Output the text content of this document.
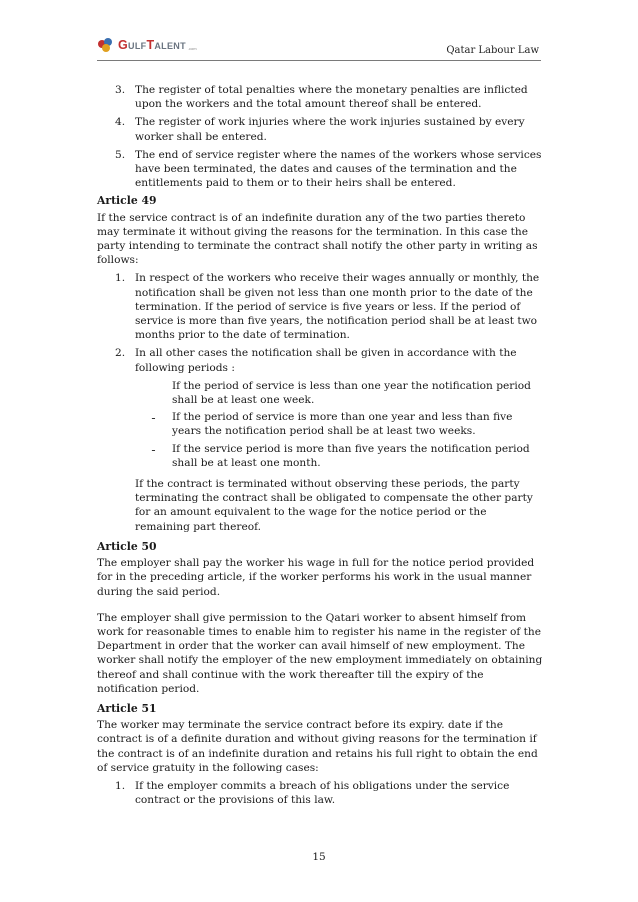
GULFTALENT .com	Qatar Labour Law
3. The register of total penalties where the monetary penalties are inflicted upon the workers and the total amount thereof shall be entered.
4. The register of work injuries where the work injuries sustained by every worker shall be entered.
5. The end of service register where the names of the workers whose services have been terminated, the dates and causes of the termination and the entitlements paid to them or to their heirs shall be entered.
Article 49

If the service contract is of an indefinite duration any of the two parties thereto may terminate it without giving the reasons for the termination. In this case the party intending to terminate the contract shall notify the other party in writing as follows:

1. In respect of the workers who receive their wages annually or monthly, the notification shall be given not less than one month prior to the date of the termination. If the period of service is five years or less. If the period of service is more than five years, the notification period shall be at least two months prior to the date of termination.
2. In all other cases the notification shall be given in accordance with the following periods :
If the period of service is less than one year the notification period shall be at least one week.
ـ	If the period of service is more than one year and less than five years the notification period shall be at least two weeks.
ـ	If the service period is more than five years the notification period shall be at least one month.

If the contract is terminated without observing these periods, the party terminating the contract shall be obligated to compensate the other party for an amount equivalent to the wage for the notice period or the remaining part thereof.

Article 50

The employer shall pay the worker his wage in full for the notice period provided for in the preceding article, if the worker performs his work in the usual manner during the said period.

The employer shall give permission to the Qatari worker to absent himself from work for reasonable times to enable him to register his name in the register of the Department in order that the worker can avail himself of new employment. The worker shall notify the employer of the new employment immediately on obtaining thereof and shall continue with the work thereafter till the expiry of the notification period.

Article 51

The worker may terminate the service contract before its expiry. date if the contract is of a definite duration and without giving reasons for the termination if the contract is of an indefinite duration and retains his full right to obtain the end of service gratuity in the following cases:

1. If the employer commits a breach of his obligations under the service contract or the provisions of this law.
15
